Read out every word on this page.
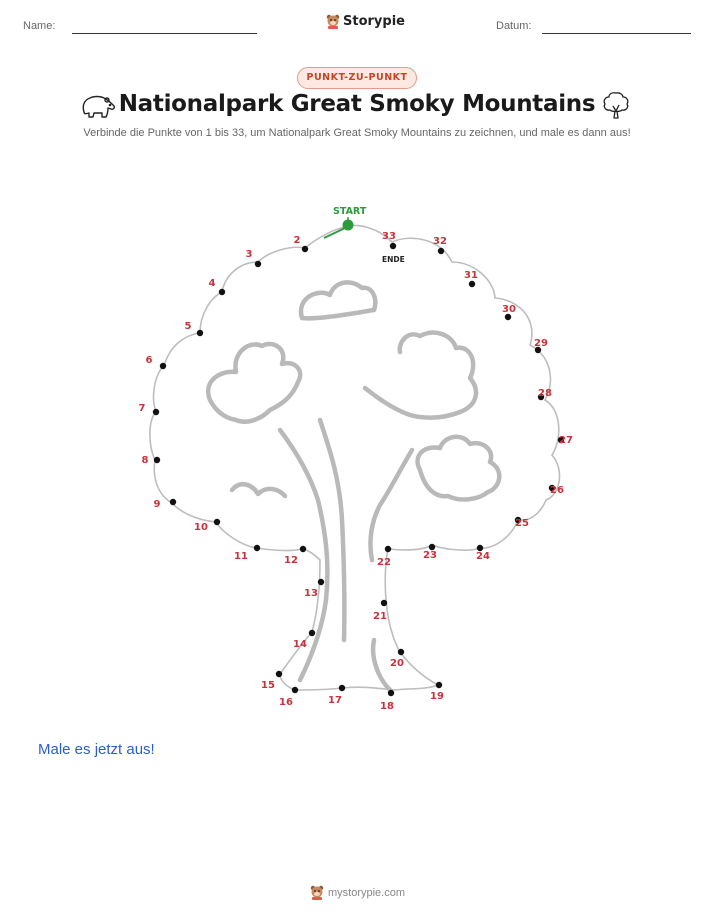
Name:	Storypie	Datum:
PUNKT-ZU-PUNKT
Nationalpark Great Smoky Mountains
Verbinde die Punkte von 1 bis 33, um Nationalpark Great Smoky Mountains zu zeichnen, und male es dann aus!
START
ENDE
2
3
4
5
6
7
8
9
10
11	12
13
14
15
16	17
18
19
20
21
22
23	24
25
26
27
28
29
30
31
32
33
Male es jetzt aus!
mystorypie.com
